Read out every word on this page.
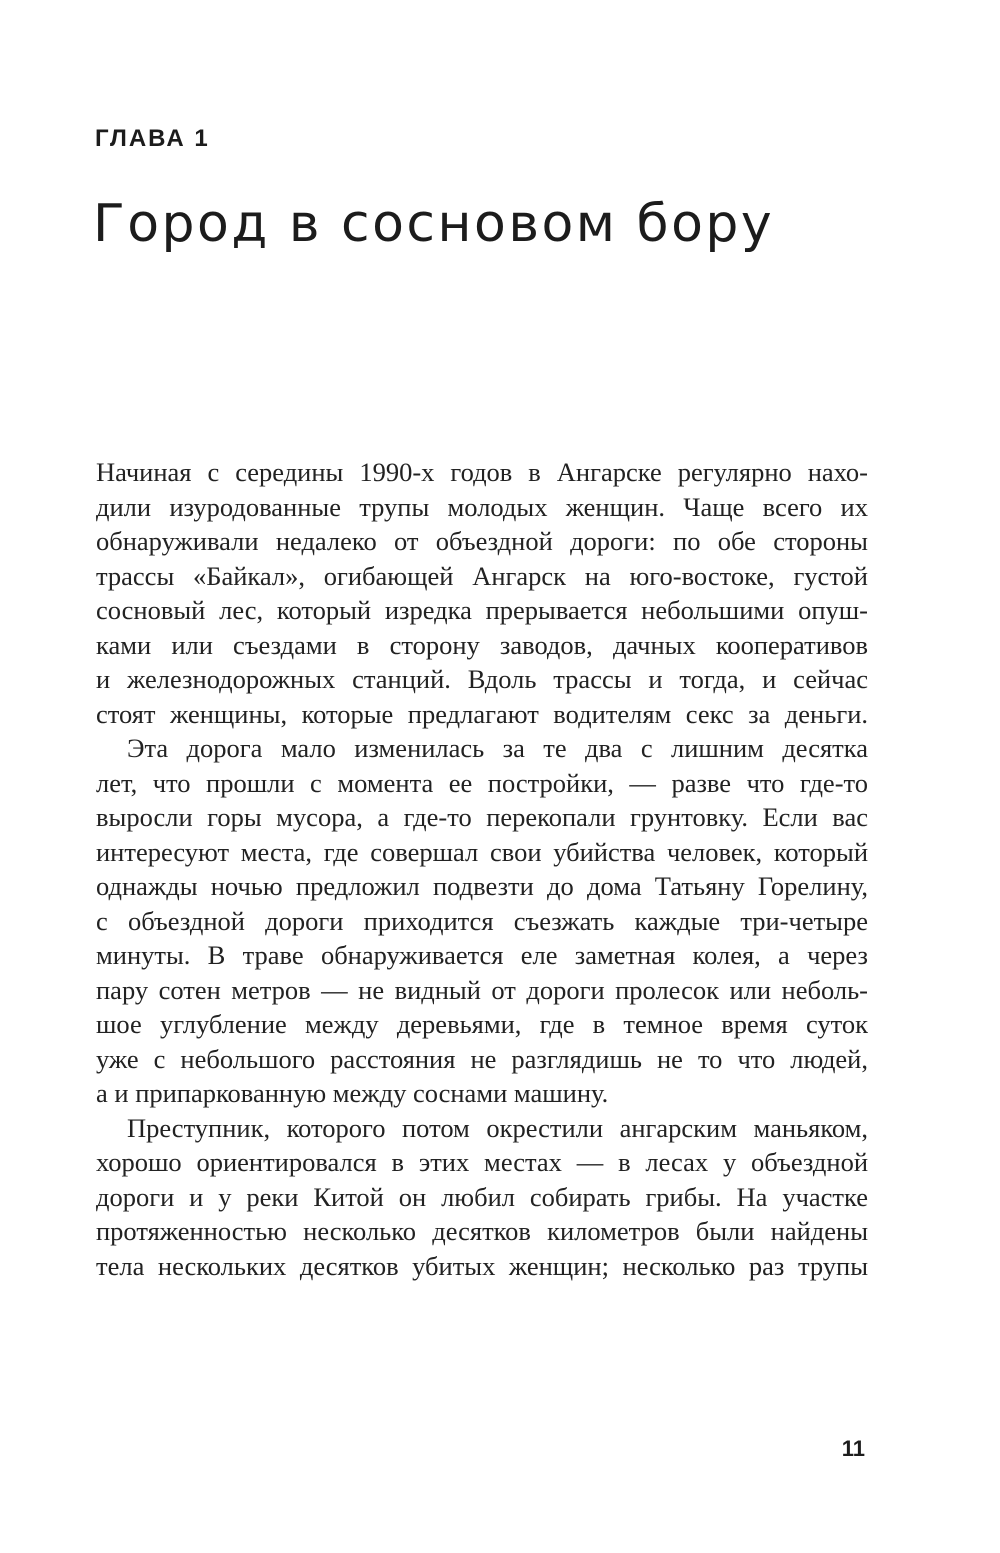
ГЛАВА 1
Город в сосновом бору
Начиная с середины 1990-х годов в Ангарске регулярно нахо-
дили изуродованные трупы молодых женщин. Чаще всего их
обнаруживали недалеко от объездной дороги: по обе стороны
трассы «Байкал», огибающей Ангарск на юго-востоке, густой
сосновый лес, который изредка прерывается небольшими опуш-
ками или съездами в сторону заводов, дачных кооперативов
и железнодорожных станций. Вдоль трассы и тогда, и сейчас
стоят женщины, которые предлагают водителям секс за деньги.
Эта дорога мало изменилась за те два с лишним десятка
лет, что прошли с момента ее постройки, — разве что где-то
выросли горы мусора, а где-то перекопали грунтовку. Если вас
интересуют места, где совершал свои убийства человек, который
однажды ночью предложил подвезти до дома Татьяну Горелину,
с объездной дороги приходится съезжать каждые три-четыре
минуты. В траве обнаруживается еле заметная колея, а через
пару сотен метров — не видный от дороги пролесок или неболь-
шое углубление между деревьями, где в темное время суток
уже с небольшого расстояния не разглядишь не то что людей,
а и припаркованную между соснами машину.
Преступник, которого потом окрестили ангарским маньяком,
хорошо ориентировался в этих местах — в лесах у объездной
дороги и у реки Китой он любил собирать грибы. На участке
протяженностью несколько десятков километров были найдены
тела нескольких десятков убитых женщин; несколько раз трупы
11
